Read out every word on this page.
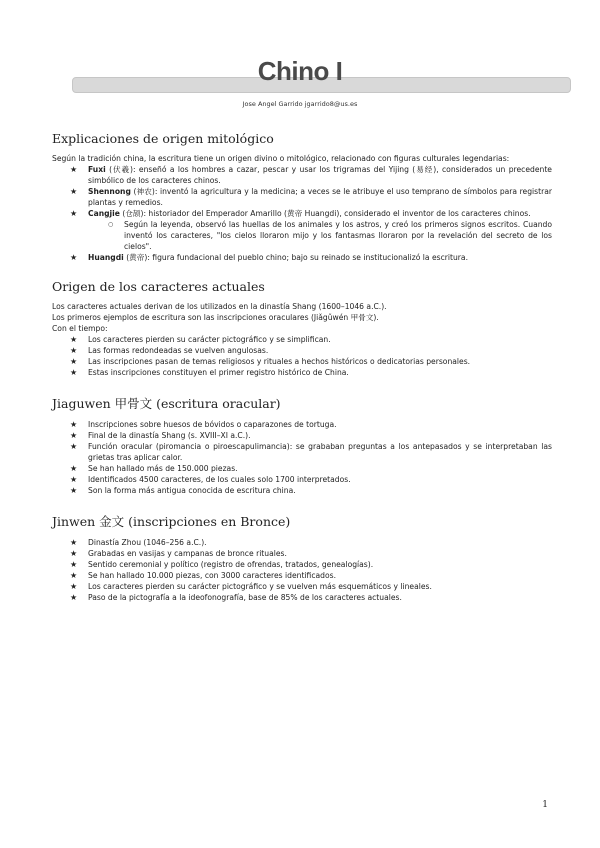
Chino I
Jose Angel Garrido jgarrido8@us.es
Explicaciones de origen mitológico

Según la tradición china, la escritura tiene un origen divino o mitológico, relacionado con figuras culturales legendarias:

★ Fuxi (伏羲): enseñó a los hombres a cazar, pescar y usar los trigramas del Yijing (易经), considerados un precedente simbólico de los caracteres chinos.
★ Shennong (神农): inventó la agricultura y la medicina; a veces se le atribuye el uso temprano de símbolos para registrar plantas y remedios.
★ Cangjie (仓颉): historiador del Emperador Amarillo (黄帝 Huangdi), considerado el inventor de los caracteres chinos.
○ Según la leyenda, observó las huellas de los animales y los astros, y creó los primeros signos escritos. Cuando inventó los caracteres, "los cielos lloraron mijo y los fantasmas lloraron por la revelación del secreto de los cielos".
★ Huangdi (黄帝): figura fundacional del pueblo chino; bajo su reinado se institucionalizó la escritura.
Origen de los caracteres actuales

Los caracteres actuales derivan de los utilizados en la dinastía Shang (1600–1046 a.C.).

Los primeros ejemplos de escritura son las inscripciones oraculares (Jiǎgǔwén 甲骨文).

Con el tiempo:

★ Los caracteres pierden su carácter pictográfico y se simplifican.
★ Las formas redondeadas se vuelven angulosas.
★ Las inscripciones pasan de temas religiosos y rituales a hechos históricos o dedicatorias personales.
★ Estas inscripciones constituyen el primer registro histórico de China.
Jiaguwen 甲骨文 (escritura oracular)
★ Inscripciones sobre huesos de bóvidos o caparazones de tortuga.
★ Final de la dinastía Shang (s. XVIII–XI a.C.).
★ Función oracular (piromancia o piroescapulimancia): se grababan preguntas a los antepasados y se interpretaban las grietas tras aplicar calor.
★ Se han hallado más de 150.000 piezas.
★ Identificados 4500 caracteres, de los cuales solo 1700 interpretados.
★ Son la forma más antigua conocida de escritura china.
Jinwen 金文 (inscripciones en Bronce)
★ Dinastía Zhou (1046–256 a.C.).
★ Grabadas en vasijas y campanas de bronce rituales.
★ Sentido ceremonial y político (registro de ofrendas, tratados, genealogías).
★ Se han hallado 10.000 piezas, con 3000 caracteres identificados.
★ Los caracteres pierden su carácter pictográfico y se vuelven más esquemáticos y lineales.
★ Paso de la pictografía a la ideofonografía, base de 85% de los caracteres actuales.
1
